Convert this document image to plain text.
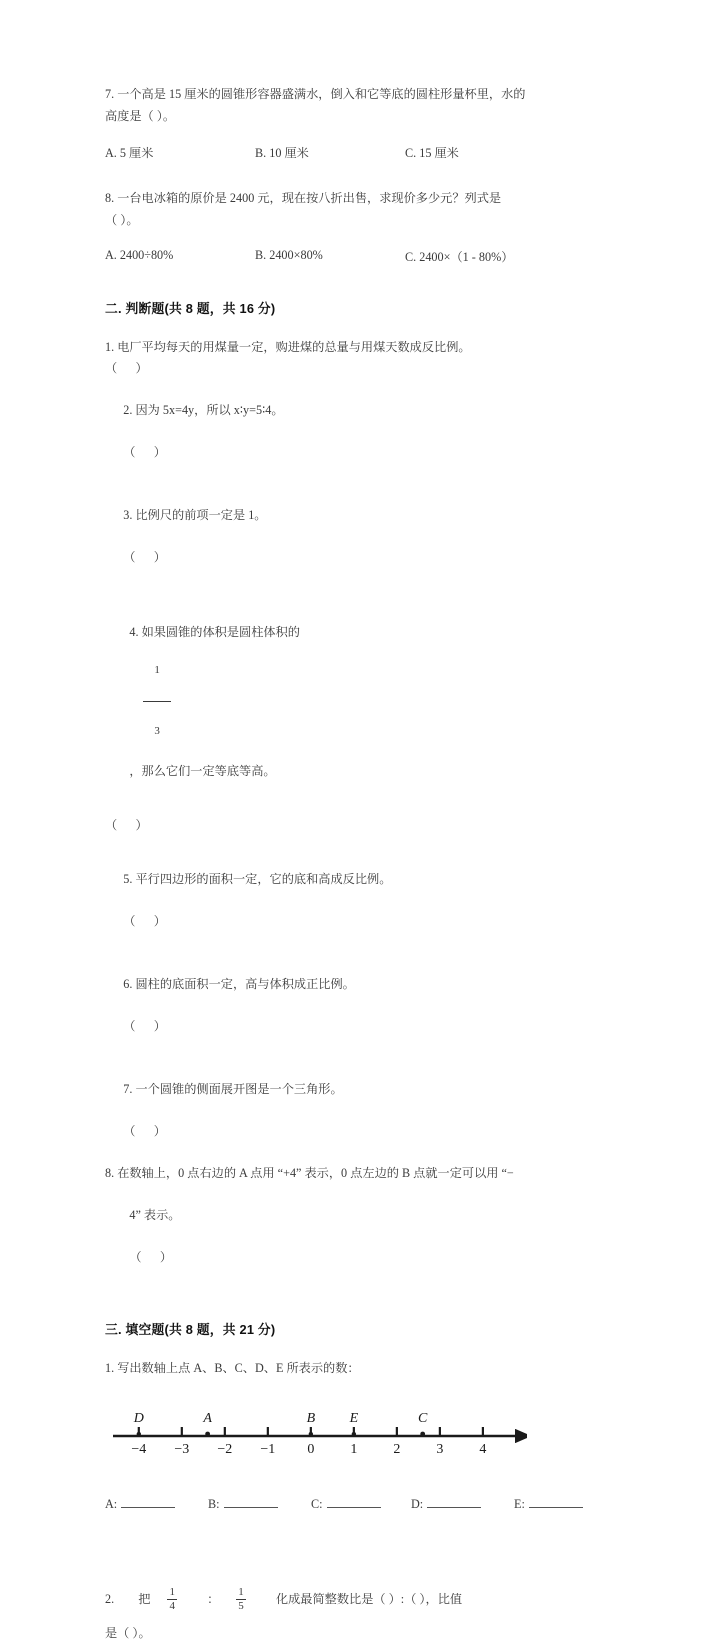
7. 一个高是 15 厘米的圆锥形容器盛满水，倒入和它等底的圆柱形量杯里，水的

高度是（ ）。

A. 5 厘米	B. 10 厘米	C. 15 厘米

8. 一台电冰箱的原价是 2400 元，现在按八折出售，求现价多少元？列式是

（ ）。

A. 2400÷80%	B. 2400×80%	C. 2400×（1 - 80%）
二. 判断题(共 8 题，共 16 分)
1. 电厂平均每天的用煤量一定，购进煤的总量与用煤天数成反比例。
（      ）

2. 因为 5x=4y，所以 x∶y=5∶4。

（      ）

3. 比例尺的前项一定是 1。

（      ）

4. 如果圆锥的体积是圆柱体积的

$\frac{1}{3}$

，那么它们一定等底等高。

（      ）

5. 平行四边形的面积一定，它的底和高成反比例。

（      ）

6. 圆柱的底面积一定，高与体积成正比例。

（      ）

7. 一个圆锥的侧面展开图是一个三角形。

（      ）

8. 在数轴上，0 点右边的 A 点用 “+4” 表示，0 点左边的 B 点就一定可以用 “−

4” 表示。

（      ）

三. 填空题(共 8 题，共 21 分)

1. 写出数轴上点 A、B、C、D、E 所表示的数：

−4 −3 −2 −1 0	1	2	3	4
D	A	B E	C
A:	B:	C:	D:	E:
2. 把 $\frac{1}{4}$ ： $\frac{1}{5}$ 化成最简整数比是（ ）:（ ），比值
是（ ）。
